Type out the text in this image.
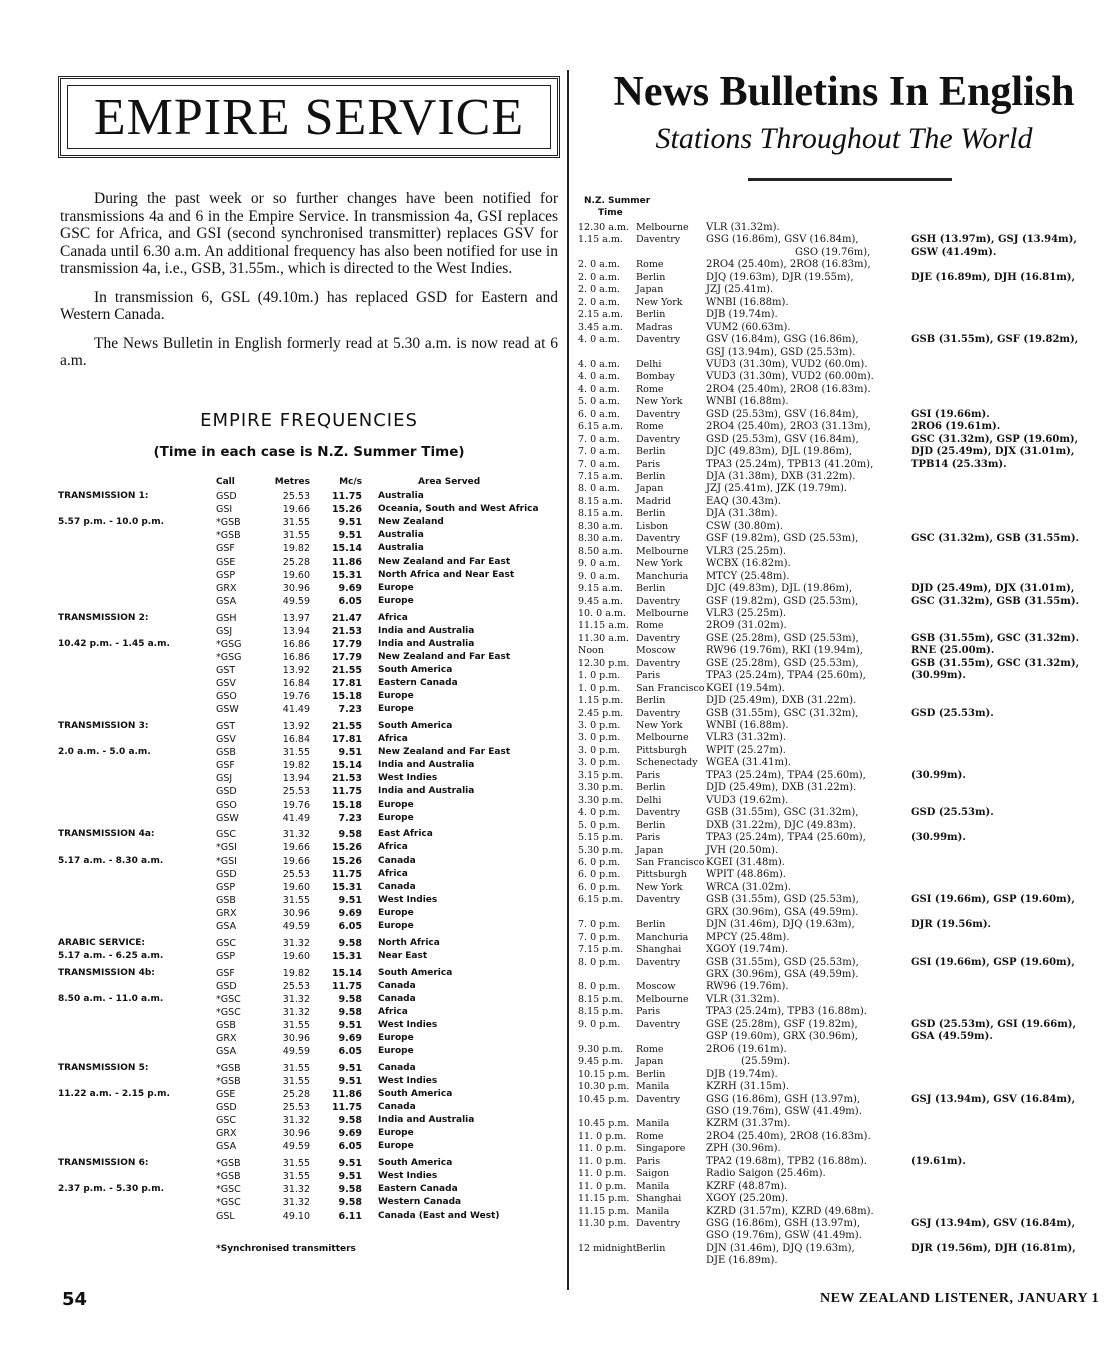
EMPIRE SERVICE	News Bulletins In English
Stations Throughout The World

During the past week or so further changes have been notified for transmissions 4a and 6 in the Empire Service. In transmission 4a, GSI replaces GSC for Africa, and GSI (second synchronised transmitter) replaces GSV for Canada until 6.30 a.m. An additional frequency has also been notified for use in transmission 4a, i.e., GSB, 31.55m., which is directed to the West Indies.

In transmission 6, GSL (49.10m.) has replaced GSD for Eastern and Western Canada.

The News Bulletin in English formerly read at 5.30 a.m. is now read at 6 a.m.

EMPIRE FREQUENCIES
(Time in each case is N.Z. Summer Time)
Call	Metres	Mc/s	Area Served
TRANSMISSION 1:	GSD	25.53	11.75 Australia
GSI	19.66	15.26 Oceania, South and West Africa
5.57 p.m. - 10.0 p.m.	*GSB	31.55	9.51 New Zealand
*GSB	31.55	9.51 Australia
GSF	19.82	15.14 Australia
GSE	25.28	11.86 New Zealand and Far East
GSP	19.60	15.31 North Africa and Near East
GRX	30.96	9.69 Europe
GSA	49.59	6.05 Europe
TRANSMISSION 2:	GSH	13.97	21.47 Africa
GSJ	13.94	21.53 India and Australia
10.42 p.m. - 1.45 a.m.	*GSG	16.86	17.79 India and Australia
*GSG	16.86	17.79 New Zealand and Far East
GST	13.92	21.55 South America
GSV	16.84	17.81 Eastern Canada
GSO	19.76	15.18 Europe
GSW	41.49	7.23 Europe
TRANSMISSION 3:	GST	13.92	21.55 South America
GSV	16.84	17.81 Africa
2.0 a.m. - 5.0 a.m.	GSB	31.55	9.51 New Zealand and Far East
GSF	19.82	15.14 India and Australia
GSJ	13.94	21.53 West Indies
GSD	25.53	11.75 India and Australia
GSO	19.76	15.18 Europe
GSW	41.49	7.23 Europe
TRANSMISSION 4a:	GSC	31.32	9.58 East Africa
*GSI	19.66	15.26 Africa
5.17 a.m. - 8.30 a.m.	*GSI	19.66	15.26 Canada
GSD	25.53	11.75 Africa
GSP	19.60	15.31 Canada
GSB	31.55	9.51 West Indies
GRX	30.96	9.69 Europe
GSA	49.59	6.05 Europe
ARABIC SERVICE:	GSC	31.32	9.58 North Africa
5.17 a.m. - 6.25 a.m.	GSP	19.60	15.31 Near East
TRANSMISSION 4b:	GSF	19.82	15.14 South America
GSD	25.53	11.75 Canada
8.50 a.m. - 11.0 a.m.	*GSC	31.32	9.58 Canada
*GSC	31.32	9.58 Africa
GSB	31.55	9.51 West Indies
GRX	30.96	9.69 Europe
GSA	49.59	6.05 Europe
TRANSMISSION 5:	*GSB	31.55	9.51 Canada
*GSB	31.55	9.51 West Indies
11.22 a.m. - 2.15 p.m.	GSE	25.28	11.86 South America
GSD	25.53	11.75 Canada
GSC	31.32	9.58 India and Australia
GRX	30.96	9.69 Europe
GSA	49.59	6.05 Europe
TRANSMISSION 6:	*GSB	31.55	9.51 South America
*GSB	31.55	9.51 West Indies
2.37 p.m. - 5.30 p.m.	*GSC	31.32	9.58 Eastern Canada
*GSC	31.32	9.58 Western Canada
GSL	49.10	6.11 Canada (East and West)
*Synchronised transmitters
N.Z. Summer
Time
12.30 a.m. Melbourne VLR (31.32m).
1.15 a.m. Daventry	GSG (16.86m), GSV (16.84m),	GSH (13.97m), GSJ (13.94m),
GSO (19.76m),	GSW (41.49m).
2. 0 a.m. Rome	2RO4 (25.40m), 2RO8 (16.83m),
2. 0 a.m. Berlin	DJQ (19.63m), DJR (19.55m),	DJE (16.89m), DJH (16.81m),
2. 0 a.m. Japan	JZJ (25.41m).
2. 0 a.m. New York WNBI (16.88m).
2.15 a.m. Berlin	DJB (19.74m).
3.45 a.m. Madras	VUM2 (60.63m).
4. 0 a.m. Daventry	GSV (16.84m), GSG (16.86m),	GSB (31.55m), GSF (19.82m),
GSJ (13.94m), GSD (25.53m).
4. 0 a.m. Delhi	VUD3 (31.30m), VUD2 (60.0m).
4. 0 a.m. Bombay	VUD3 (31.30m), VUD2 (60.00m).
4. 0 a.m. Rome	2RO4 (25.40m), 2RO8 (16.83m).
5. 0 a.m. New York WNBI (16.88m).
6. 0 a.m. Daventry	GSD (25.53m), GSV (16.84m),	GSI (19.66m).
6.15 a.m. Rome	2RO4 (25.40m), 2RO3 (31.13m),	2RO6 (19.61m).
7. 0 a.m. Daventry	GSD (25.53m), GSV (16.84m),	GSC (31.32m), GSP (19.60m),
7. 0 a.m. Berlin	DJC (49.83m), DJL (19.86m),	DJD (25.49m), DJX (31.01m),
7. 0 a.m. Paris	TPA3 (25.24m), TPB13 (41.20m),	TPB14 (25.33m).
7.15 a.m. Berlin	DJA (31.38m), DXB (31.22m).
8. 0 a.m. Japan	JZJ (25.41m), JZK (19.79m).
8.15 a.m. Madrid	EAQ (30.43m).
8.15 a.m. Berlin	DJA (31.38m).
8.30 a.m. Lisbon	CSW (30.80m).
8.30 a.m. Daventry	GSF (19.82m), GSD (25.53m),	GSC (31.32m), GSB (31.55m).
8.50 a.m. Melbourne VLR3 (25.25m).
9. 0 a.m. New York WCBX (16.82m).
9. 0 a.m. Manchuria MTCY (25.48m).
9.15 a.m. Berlin	DJC (49.83m), DJL (19.86m),	DJD (25.49m), DJX (31.01m),
9.45 a.m. Daventry	GSF (19.82m), GSD (25.53m),	GSC (31.32m), GSB (31.55m).
10. 0 a.m. Melbourne VLR3 (25.25m).
11.15 a.m. Rome	2RO9 (31.02m).
11.30 a.m. Daventry	GSE (25.28m), GSD (25.53m),	GSB (31.55m), GSC (31.32m).
Noon	Moscow	RW96 (19.76m), RKI (19.94m),	RNE (25.00m).
12.30 p.m. Daventry	GSE (25.28m), GSD (25.53m),	GSB (31.55m), GSC (31.32m),
1. 0 p.m. Paris	TPA3 (25.24m), TPA4 (25.60m),	(30.99m).
1. 0 p.m. San Francisco KGEI (19.54m).
1.15 p.m. Berlin	DJD (25.49m), DXB (31.22m).
2.45 p.m. Daventry	GSB (31.55m), GSC (31.32m),	GSD (25.53m).
3. 0 p.m. New York WNBI (16.88m).
3. 0 p.m. Melbourne VLR3 (31.32m).
3. 0 p.m. Pittsburgh WPIT (25.27m).
3. 0 p.m. Schenectady WGEA (31.41m).
3.15 p.m. Paris	TPA3 (25.24m), TPA4 (25.60m),	(30.99m).
3.30 p.m. Berlin	DJD (25.49m), DXB (31.22m).
3.30 p.m. Delhi	VUD3 (19.62m).
4. 0 p.m. Daventry	GSB (31.55m), GSC (31.32m),	GSD (25.53m).
5. 0 p.m. Berlin	DXB (31.22m), DJC (49.83m).
5.15 p.m. Paris	TPA3 (25.24m), TPA4 (25.60m),	(30.99m).
5.30 p.m. Japan	JVH (20.50m).
6. 0 p.m. San Francisco KGEI (31.48m).
6. 0 p.m. Pittsburgh WPIT (48.86m).
6. 0 p.m. New York WRCA (31.02m).
6.15 p.m. Daventry	GSB (31.55m), GSD (25.53m),	GSI (19.66m), GSP (19.60m),
GRX (30.96m), GSA (49.59m).
7. 0 p.m. Berlin	DJN (31.46m), DJQ (19.63m),	DJR (19.56m).
7. 0 p.m. Manchuria MPCY (25.48m).
7.15 p.m. Shanghai XGOY (19.74m).
8. 0 p.m. Daventry	GSB (31.55m), GSD (25.53m),	GSI (19.66m), GSP (19.60m),
GRX (30.96m), GSA (49.59m).
8. 0 p.m. Moscow	RW96 (19.76m).
8.15 p.m. Melbourne VLR (31.32m).
8.15 p.m. Paris	TPA3 (25.24m), TPB3 (16.88m).
9. 0 p.m. Daventry	GSE (25.28m), GSF (19.82m),	GSD (25.53m), GSI (19.66m),
GSP (19.60m), GRX (30.96m),	GSA (49.59m).
9.30 p.m. Rome	2RO6 (19.61m).
9.45 p.m. Japan	(25.59m).
10.15 p.m. Berlin	DJB (19.74m).
10.30 p.m. Manila	KZRH (31.15m).
10.45 p.m. Daventry	GSG (16.86m), GSH (13.97m),	GSJ (13.94m), GSV (16.84m),
GSO (19.76m), GSW (41.49m).
10.45 p.m. Manila	KZRM (31.37m).
11. 0 p.m. Rome	2RO4 (25.40m), 2RO8 (16.83m).
11. 0 p.m. Singapore ZPH (30.96m).
11. 0 p.m. Paris	TPA2 (19.68m), TPB2 (16.88m).	(19.61m).
11. 0 p.m. Saigon	Radio Saigon (25.46m).
11. 0 p.m. Manila	KZRF (48.87m).
11.15 p.m. Shanghai XGOY (25.20m).
11.15 p.m. Manila	KZRD (31.57m), KZRD (49.68m).
11.30 p.m. Daventry	GSG (16.86m), GSH (13.97m),	GSJ (13.94m), GSV (16.84m),
GSO (19.76m), GSW (41.49m).
12 midnight Berlin	DJN (31.46m), DJQ (19.63m),	DJR (19.56m), DJH (16.81m),
DJE (16.89m).
54	NEW ZEALAND LISTENER, JANUARY 1
